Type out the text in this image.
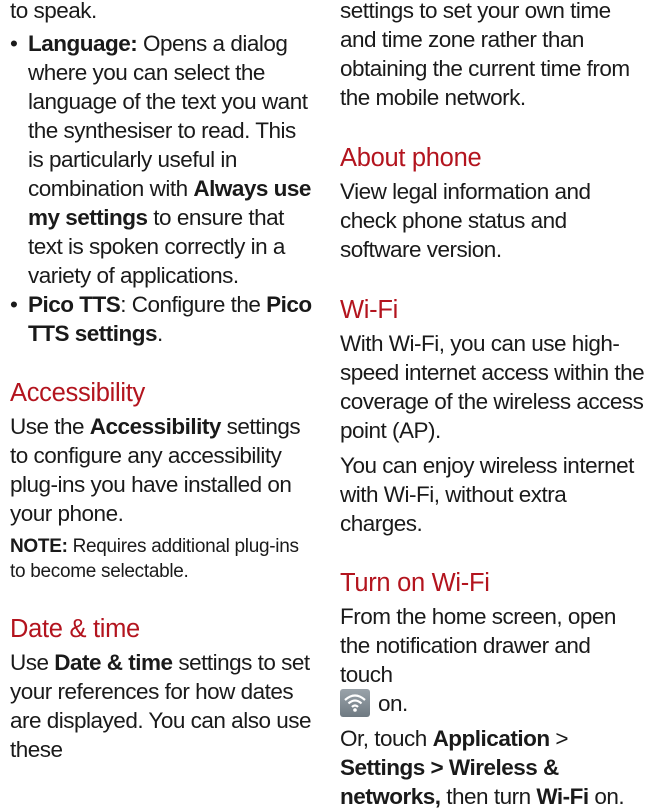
to speak.

• Language: Opens a dialog where you can select the language of the text you want the synthesiser to read. This is particularly useful in combination with Always use my settings to ensure that text is spoken correctly in a variety of applications.
• Pico TTS: Configure the Pico TTS settings.
Accessibility

Use the Accessibility settings to configure any accessibility plug-ins you have installed on your phone.

NOTE: Requires additional plug-ins to become selectable.

Date & time

Use Date & time settings to set your references for how dates are displayed. You can also use these

settings to set your own time and time zone rather than obtaining the current time from the mobile network.

About phone

View legal information and check phone status and software version.

Wi-Fi

With Wi-Fi, you can use high-speed internet access within the coverage of the wireless access point (AP).

You can enjoy wireless internet with Wi-Fi, without extra charges.

Turn on Wi-Fi

From the home screen, open the notification drawer and touch

on.

Or, touch Application > Settings > Wireless & networks, then turn Wi-Fi on.
